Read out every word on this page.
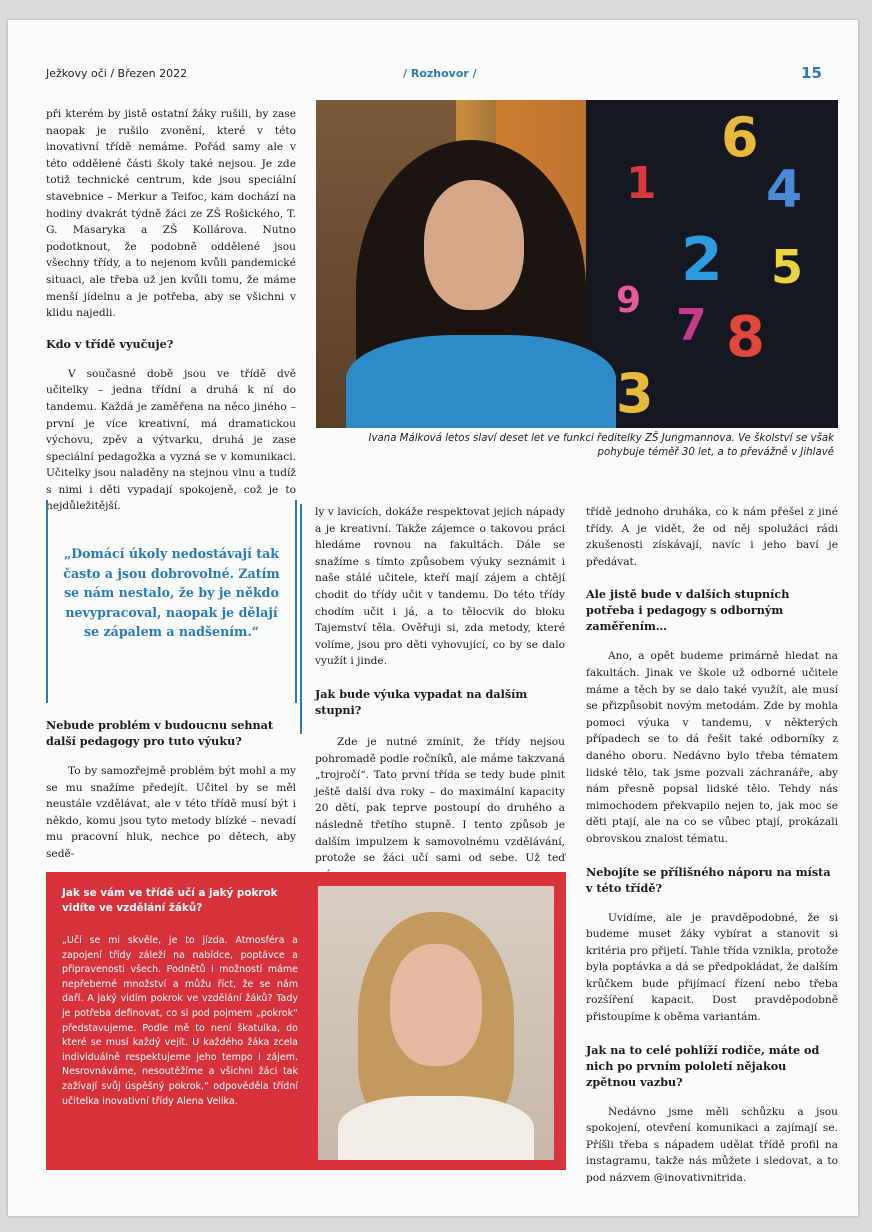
Ježkovy oči / Březen 2022	/ Rozhovor /	15

při kterém by jistě ostatní žáky rušili, by zase naopak je rušilo zvonění, které v této inovativní třídě nemáme. Pořád samy ale v této oddělené části školy také nejsou. Je zde totiž technické centrum, kde jsou speciální stavebnice – Merkur a Teifoc, kam dochází na hodiny dvakrát týdně žáci ze ZŠ Rošického, T. G. Masaryka a ZŠ Kollárova. Nutno podotknout, že podobně oddělené jsou všechny třídy, a to nejenom kvůli pandemické situaci, ale třeba už jen kvůli tomu, že máme menší jídelnu a je potřeba, aby se všichni v klidu najedli.

Kdo v třídě vyučuje?

V současné době jsou ve třídě dvě učitelky – jedna třídní a druhá k ní do tandemu. Každá je zaměřena na něco jiného – první je více kreativní, má dramatickou výchovu, zpěv a výtvarku, druhá je zase speciální pedagožka a vyzná se v komunikaci. Učitelky jsou naladěny na stejnou vlnu a tudíž s nimi i děti vypadají spokojeně, což je to nejdůležitější.

6
1 4
2 5
9 7 8
3
Ivana Málková letos slaví deset let ve funkci ředitelky ZŠ Jungmannova. Ve školství se však pohybuje téměř 30 let, a to převážně v Jihlavě

„Domácí úkoly nedostávají tak často a jsou dobrovolné. Zatím se nám nestalo, že by je někdo nevypracoval, naopak je dělají se zápalem a nadšením.“

Nebude problém v budoucnu sehnat další pedagogy pro tuto výuku?

To by samozřejmě problém být mohl a my se mu snažíme předejít. Učitel by se měl neustále vzdělávat, ale v této třídě musí být i někdo, komu jsou tyto metody blízké – nevadí mu pracovní hluk, nechce po dětech, aby sedě-

ly v lavicích, dokáže respektovat jejich nápady a je kreativní. Takže zájemce o takovou práci hledáme rovnou na fakultách. Dále se snažíme s tímto způsobem výuky seznámit i naše stálé učitele, kteří mají zájem a chtějí chodit do třídy učit v tandemu. Do této třídy chodím učit i já, a to tělocvik do bloku Tajemství těla. Ověřuji si, zda metody, které volíme, jsou pro děti vyhovující, co by se dalo využít i jinde.

Jak bude výuka vypadat na dalším stupni?

Zde je nutné zmínit, že třídy nejsou pohromadě podle ročníků, ale máme takzvaná „trojročí“. Tato první třída se tedy bude plnit ještě další dva roky – do maximální kapacity 20 dětí, pak teprve postoupí do druhého a následně třetího stupně. I tento způsob je dalším impulzem k samovolnému vzdělávání, protože se žáci učí sami od sebe. Už teď

třídě jednoho druháka, co k nám přešel z jiné třídy. A je vidět, že od něj spolužáci rádi zkušenosti získávají, navíc i jeho baví je předávat.

Ale jistě bude v dalších stupních potřeba i pedagogy s odborným zaměřením…

Ano, a opět budeme primárně hledat na fakultách. Jinak ve škole už odborné učitele máme a těch by se dalo také využít, ale musí se přizpůsobit novým metodám. Zde by mohla pomoci výuka v tandemu, v některých případech se to dá řešit také odborníky z daného oboru. Nedávno bylo třeba tématem lidské tělo, tak jsme pozvali záchranáře, aby nám přesně popsal lidské tělo. Tehdy nás mimochodem překvapilo nejen to, jak moc se děti ptají, ale na co se vůbec ptají, prokázali obrovskou znalost tématu.

Nebojíte se přílišného náporu na místa v této třídě?

Uvidíme, ale je pravděpodobné, že si budeme muset žáky vybírat a stanovit si kritéria pro přijetí. Tahle třída vznikla, protože byla poptávka a dá se předpokládat, že dalším krůčkem bude přijímací řízení nebo třeba rozšíření kapacit. Dost pravděpodobně přistoupíme k oběma variantám.

Jak na to celé pohlíží rodiče, máte od nich po prvním pololetí nějakou zpětnou vazbu?

Nedávno jsme měli schůzku a jsou spokojení, otevření komunikaci a zajímají se. Příšli třeba s nápadem udělat třídě profil na instagramu, takže nás můžete i sledovat, a to pod názvem @inovativnitrida.

Jak se vám ve třídě učí a jaký pokrok vidíte ve vzdělání žáků?
„Učí se mi skvěle, je to jízda. Atmosféra a zapojení třídy záleží na nabídce, poptávce a připravenosti všech. Podnětů i možností máme nepřeberné množství a můžu říct, že se nám daří. A jaký vidím pokrok ve vzdělání žáků? Tady je potřeba definovat, co si pod pojmem „pokrok“ představujeme. Podle mě to není škatulka, do které se musí každý vejít. U každého žáka zcela individuálně respektujeme jeho tempo i zájem. Nesrovnáváme, nesoutěžíme a všichni žáci tak zažívají svůj úspěšný pokrok,“ odpověděla třídní učitelka inovativní třídy Alena Velika.
